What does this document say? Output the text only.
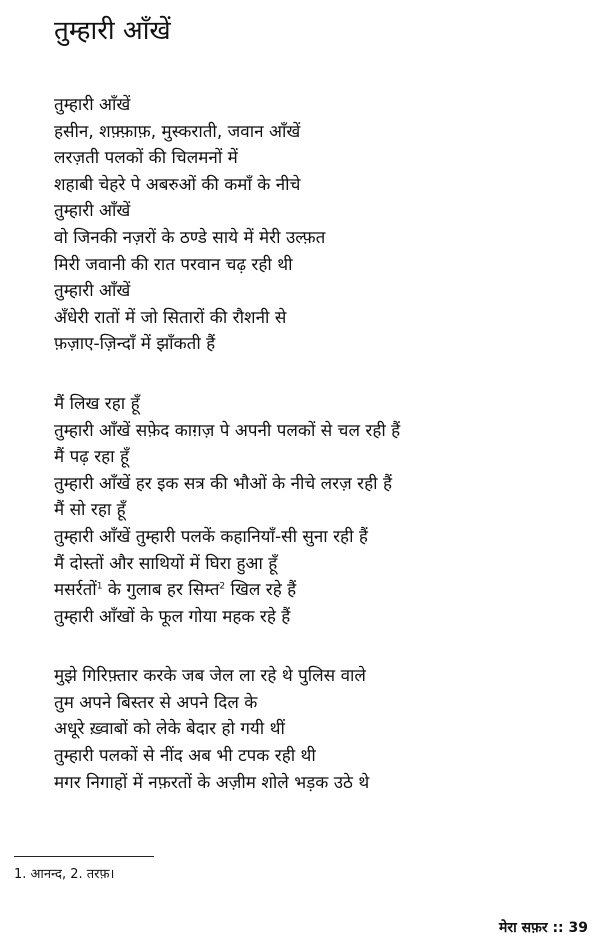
तुम्हारी आँखें
तुम्हारी आँखें
हसीन, शफ़्फ़ाफ़, मुस्कराती, जवान आँखें
लरज़ती पलकों की चिलमनों में
शहाबी चेहरे पे अबरुओं की कमाँ के नीचे
तुम्हारी आँखें
वो जिनकी नज़रों के ठण्डे साये में मेरी उल्फ़त
मिरी जवानी की रात परवान चढ़ रही थी
तुम्हारी आँखें
अँधेरी रातों में जो सितारों की रौशनी से
फ़ज़ाए-ज़िन्दाँ में झाँकती हैं
मैं लिख रहा हूँ
तुम्हारी आँखें सफ़ेद काग़ज़ पे अपनी पलकों से चल रही हैं
मैं पढ़ रहा हूँ
तुम्हारी आँखें हर इक सत्र की भौओं के नीचे लरज़ रही हैं
मैं सो रहा हूँ
तुम्हारी आँखें तुम्हारी पलकें कहानियाँ-सी सुना रही हैं
मैं दोस्तों और साथियों में घिरा हुआ हूँ
मसर्रतों$^1$ के गुलाब हर सिम्त$^2$ खिल रहे हैं
तुम्हारी आँखों के फूल गोया महक रहे हैं
मुझे गिरिफ़्तार करके जब जेल ला रहे थे पुलिस वाले
तुम अपने बिस्तर से अपने दिल के
अधूरे ख़्वाबों को लेके बेदार हो गयी थीं
तुम्हारी पलकों से नींद अब भी टपक रही थी
मगर निगाहों में नफ़रतों के अज़ीम शोले भड़क उठे थे
1. आनन्द, 2. तरफ़।
मेरा सफ़र :: 39
